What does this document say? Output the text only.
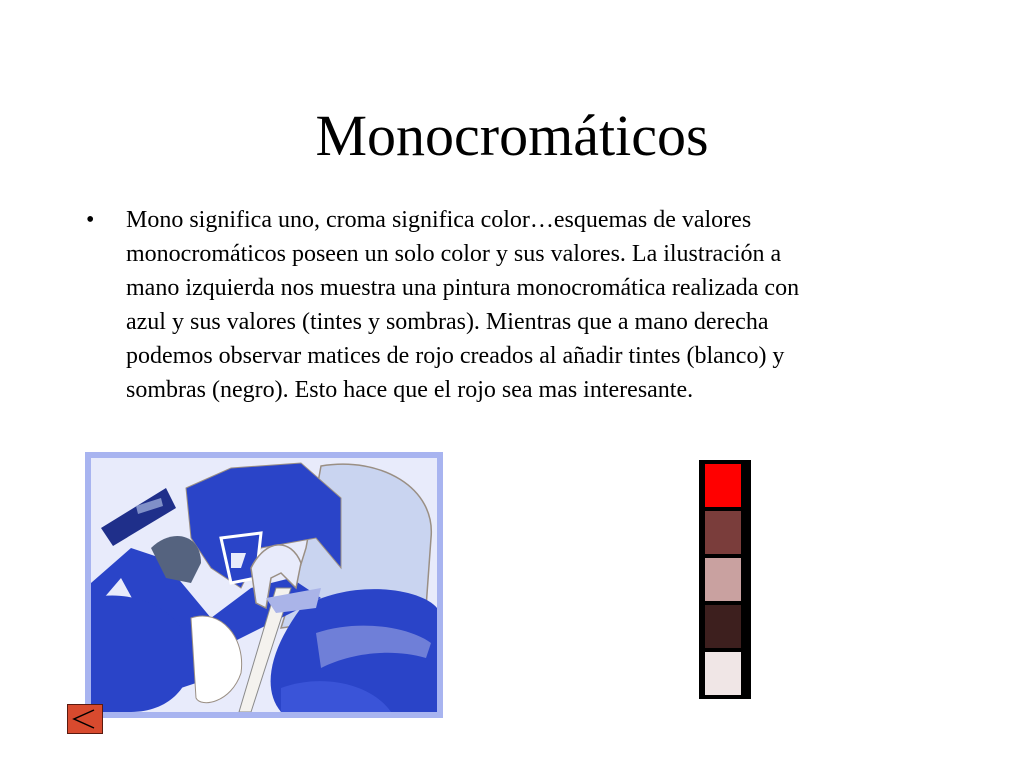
Monocromáticos
• Mono significa uno, croma significa color…esquemas de valores
monocromáticos poseen un solo color y sus valores. La ilustración a
mano izquierda nos muestra una pintura monocromática realizada con
azul y sus valores (tintes y sombras). Mientras que a mano derecha
podemos observar matices de rojo creados al añadir tintes (blanco) y
sombras (negro). Esto hace que el rojo sea mas interesante.
